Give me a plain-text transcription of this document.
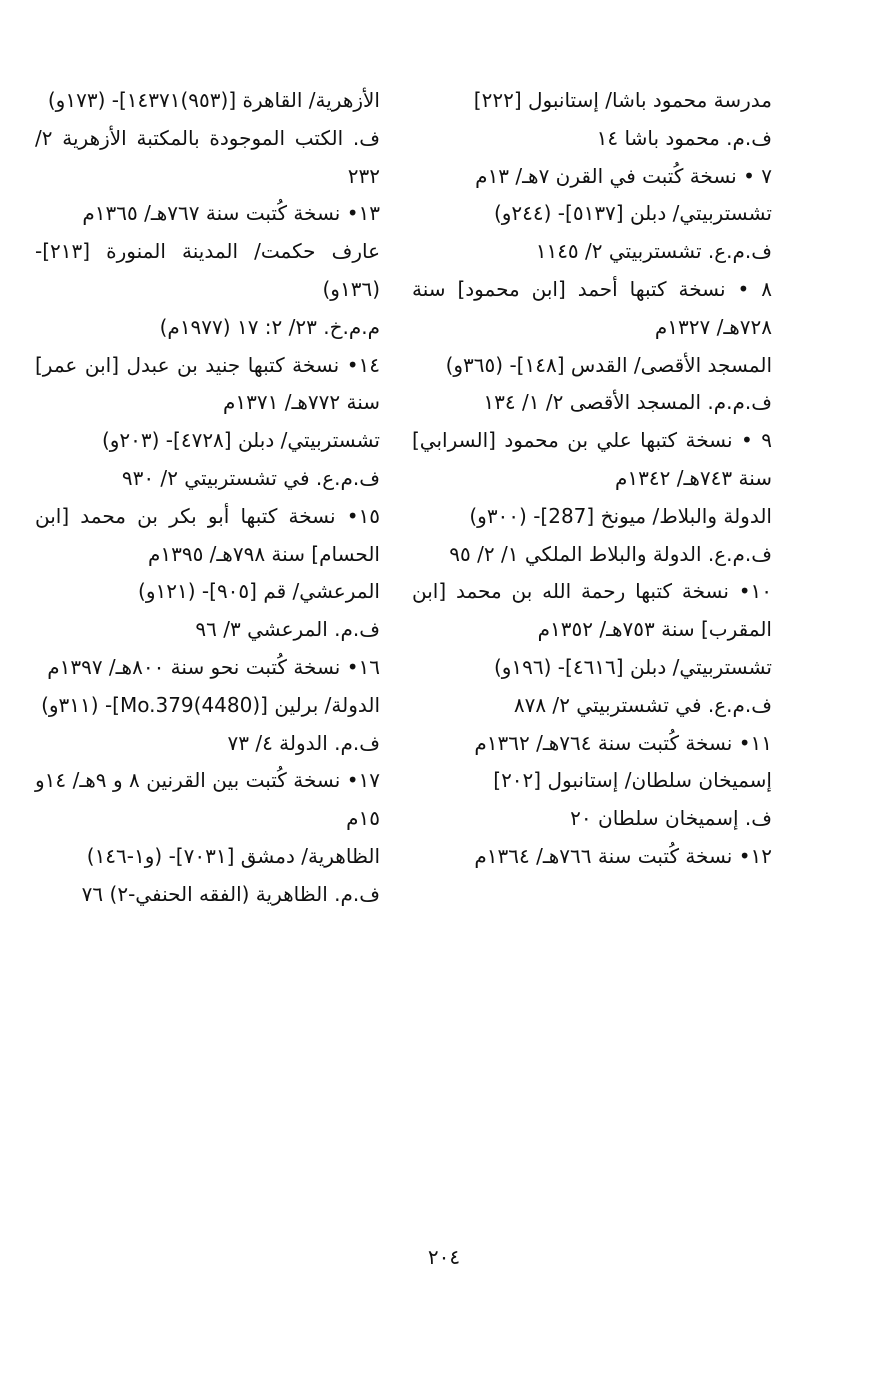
مدرسة محمود باشا/ إستانبول [٢٢٢]

ف.م. محمود باشا ١٤

٧ • نسخة كُتبت في القرن ٧هـ/ ١٣م

تشستربيتي/ دبلن [٥١٣٧]- (٢٤٤و)

ف.م.ع. تشستربيتي ٢/ ١١٤٥

٨ • نسخة كتبها أحمد [ابن محمود] سنة ٧٢٨هـ/ ١٣٢٧م

المسجد الأقصى/ القدس [١٤٨]- (٣٦٥و)

ف.م.م. المسجد الأقصى ٢/ ١/ ١٣٤

٩ • نسخة كتبها علي بن محمود [السرابي] سنة ٧٤٣هـ/ ١٣٤٢م

الدولة والبلاط/ ميونخ [287]- (٣٠٠و)

ف.م.ع. الدولة والبلاط الملكي ١/ ٢/ ٩٥

١٠• نسخة كتبها رحمة الله بن محمد [ابن المقرب] سنة ٧٥٣هـ/ ١٣٥٢م

تشستربيتي/ دبلن [٤٦١٦]- (١٩٦و)

ف.م.ع. في تشستربيتي ٢/ ٨٧٨

١١• نسخة كُتبت سنة ٧٦٤هـ/ ١٣٦٢م

إسميخان سلطان/ إستانبول [٢٠٢]

ف. إسميخان سلطان ٢٠

١٢• نسخة كُتبت سنة ٧٦٦هـ/ ١٣٦٤م

الأزهرية/ القاهرة [(٩٥٣)١٤٣٧١]- (١٧٣و)

ف. الكتب الموجودة بالمكتبة الأزهرية ٢/ ٢٣٢

١٣• نسخة كُتبت سنة ٧٦٧هـ/ ١٣٦٥م

عارف حكمت/ المدينة المنورة [٢١٣]- (١٣٦و)

م.م.خ. ٢٣/ ٢: ١٧ (١٩٧٧م)

١٤• نسخة كتبها جنيد بن عبدل [ابن عمر] سنة ٧٧٢هـ/ ١٣٧١م

تشستربيتي/ دبلن [٤٧٢٨]- (٢٠٣و)

ف.م.ع. في تشستربيتي ٢/ ٩٣٠

١٥• نسخة كتبها أبو بكر بن محمد [ابن الحسام] سنة ٧٩٨هـ/ ١٣٩٥م

المرعشي/ قم [٩٠٥]- (١٢١و)

ف.م. المرعشي ٣/ ٩٦

١٦• نسخة كُتبت نحو سنة ٨٠٠هـ/ ١٣٩٧م

الدولة/ برلين [(4480)Mo.379]- (٣١١و)

ف.م. الدولة ٤/ ٧٣

١٧• نسخة كُتبت بين القرنين ٨ و ٩هـ/ ١٤و ١٥م

الظاهرية/ دمشق [٧٠٣١]- (و١-١٤٦)

ف.م. الظاهرية (الفقه الحنفي-٢) ٧٦

٢٠٤
